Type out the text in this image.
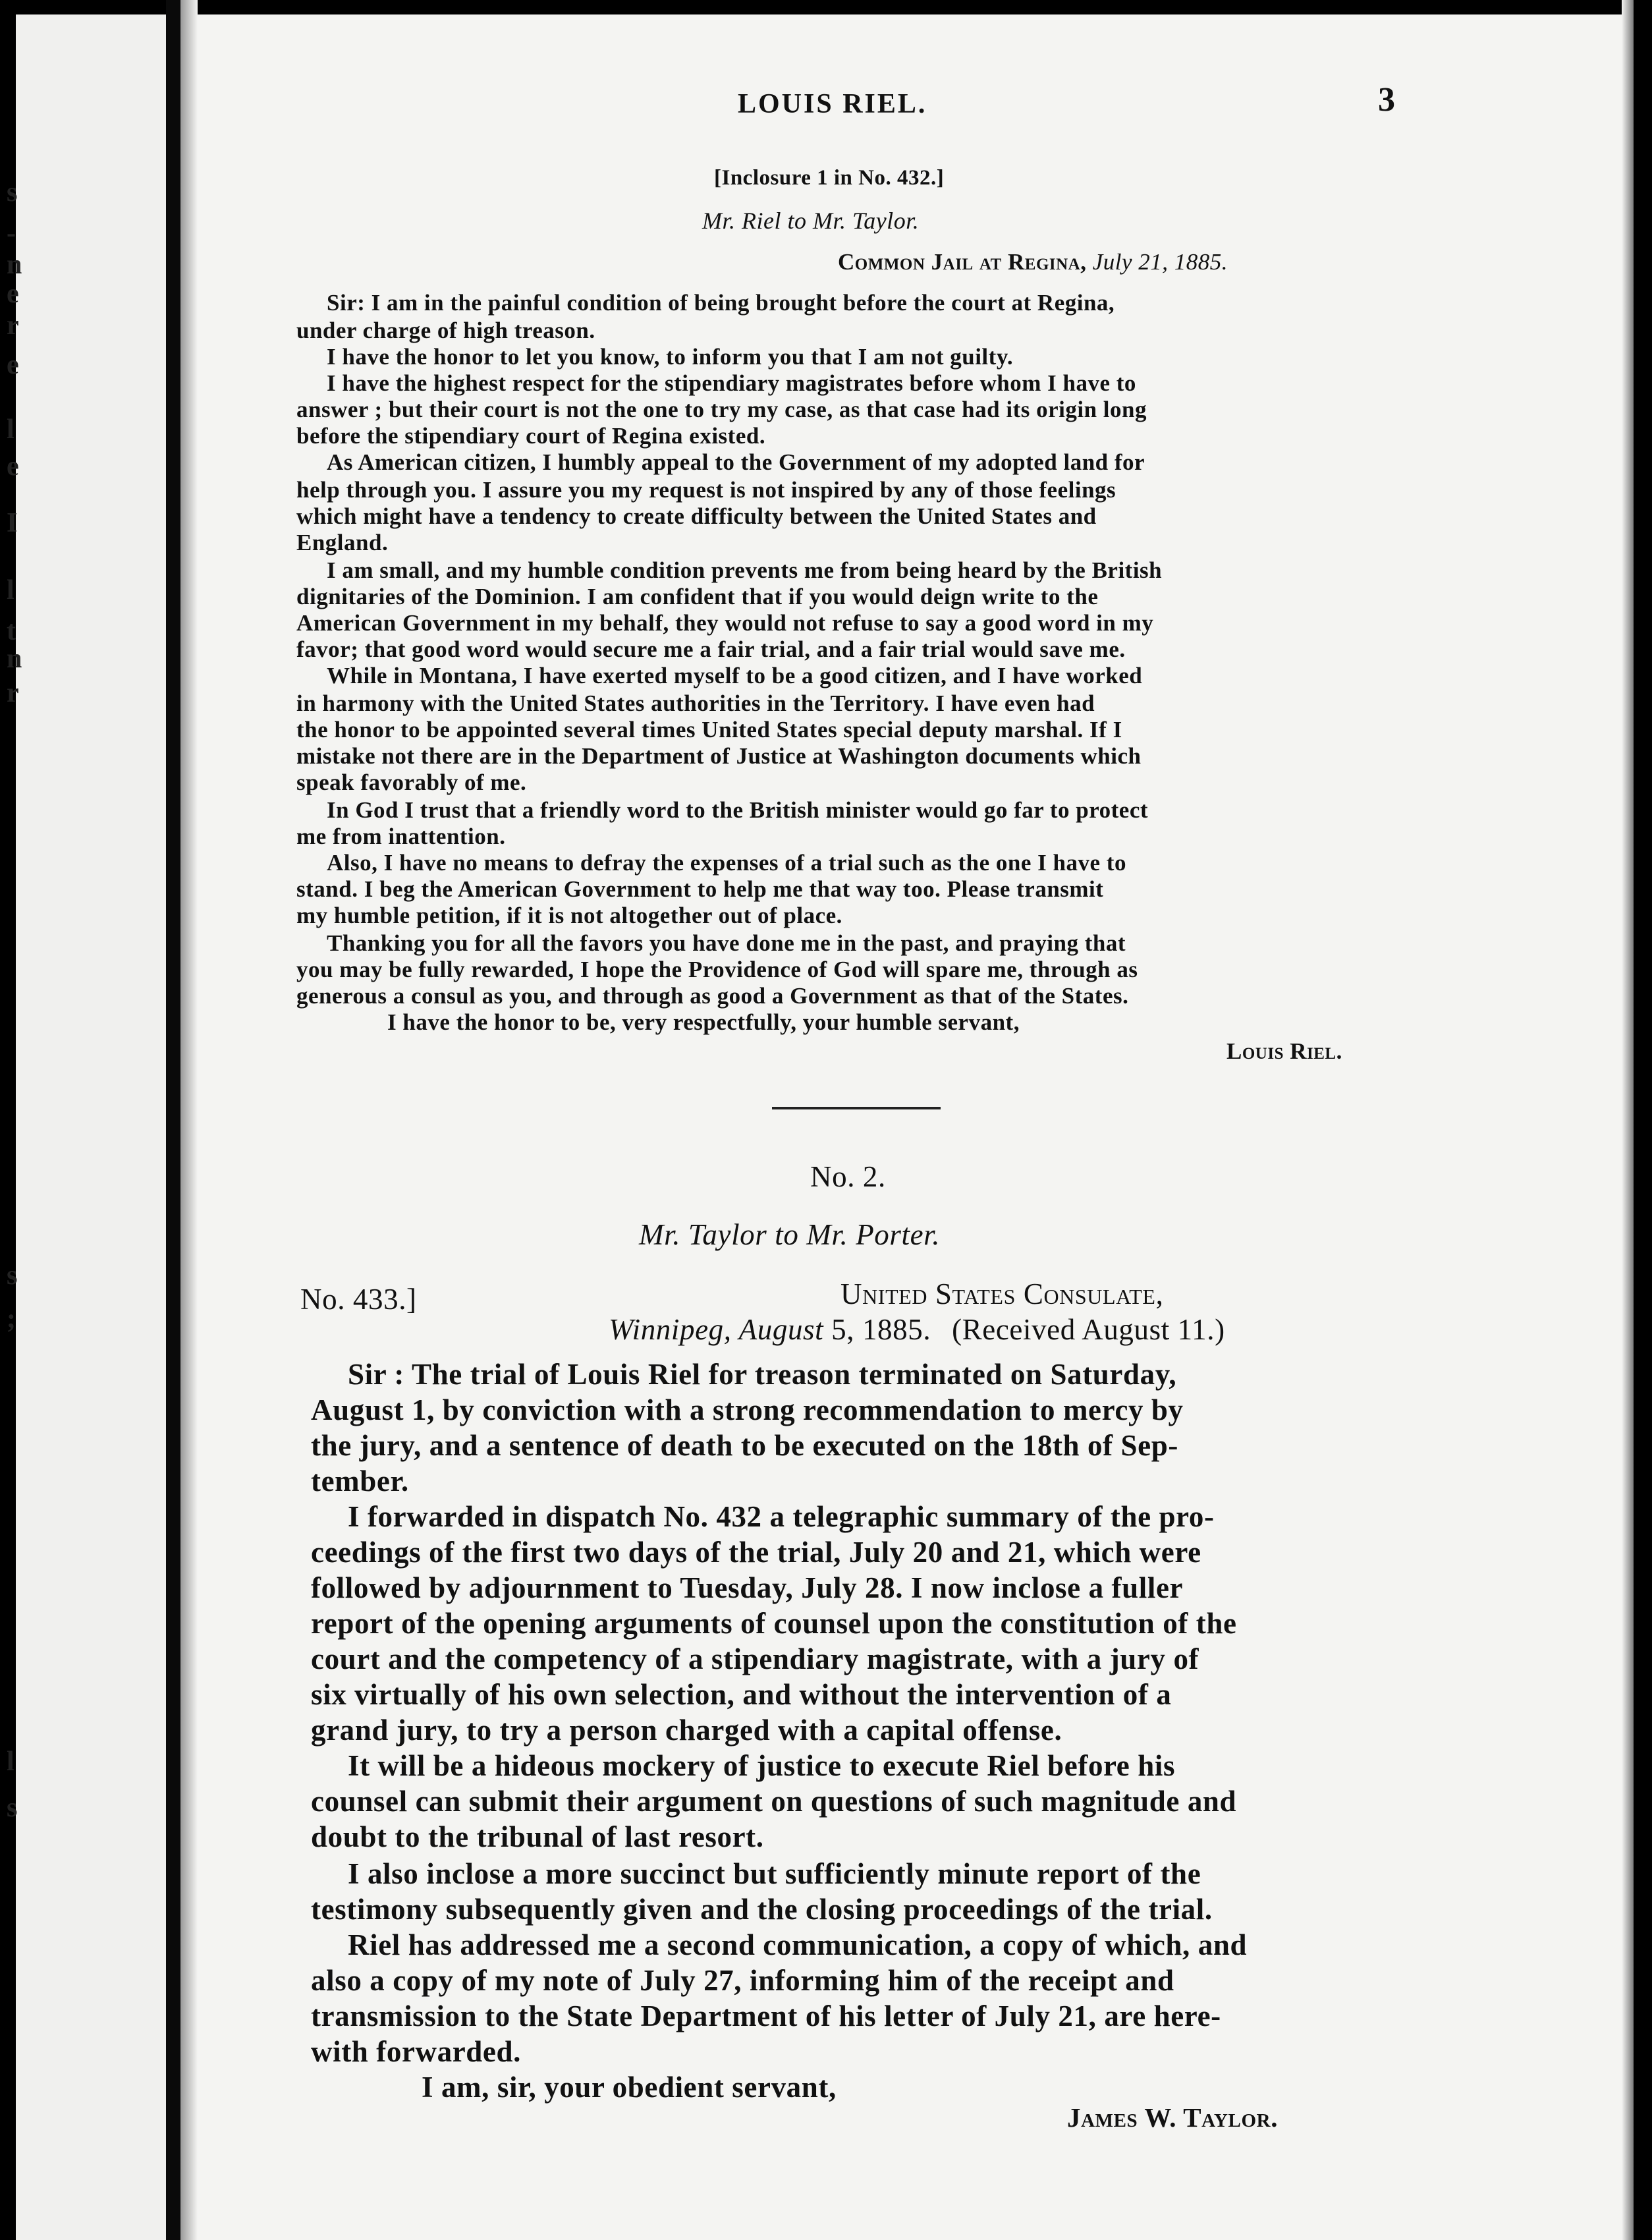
s
-
n
e
r
e
l
e
I
l
t
n
r
s
;
l
s
LOUIS RIEL.	3
[Inclosure 1 in No. 432.]
Mr. Riel to Mr. Taylor.
Common Jail at Regina, July 21, 1885.
Sir: I am in the painful condition of being brought before the court at Regina,
under charge of high treason.
I have the honor to let you know, to inform you that I am not guilty.
I have the highest respect for the stipendiary magistrates before whom I have to
answer ; but their court is not the one to try my case, as that case had its origin long
before the stipendiary court of Regina existed.
As American citizen, I humbly appeal to the Government of my adopted land for
help through you. I assure you my request is not inspired by any of those feelings
which might have a tendency to create difficulty between the United States and
England.
I am small, and my humble condition prevents me from being heard by the British
dignitaries of the Dominion. I am confident that if you would deign write to the
American Government in my behalf, they would not refuse to say a good word in my
favor; that good word would secure me a fair trial, and a fair trial would save me.
While in Montana, I have exerted myself to be a good citizen, and I have worked
in harmony with the United States authorities in the Territory. I have even had
the honor to be appointed several times United States special deputy marshal. If I
mistake not there are in the Department of Justice at Washington documents which
speak favorably of me.
In God I trust that a friendly word to the British minister would go far to protect
me from inattention.
Also, I have no means to defray the expenses of a trial such as the one I have to
stand. I beg the American Government to help me that way too. Please transmit
my humble petition, if it is not altogether out of place.
Thanking you for all the favors you have done me in the past, and praying that
you may be fully rewarded, I hope the Providence of God will spare me, through as
generous a consul as you, and through as good a Government as that of the States.
I have the honor to be, very respectfully, your humble servant,
Louis Riel.
No. 2.
Mr. Taylor to Mr. Porter.
No. 433.]	United States Consulate,
Winnipeg, August 5, 1885. (Received August 11.)
Sir : The trial of Louis Riel for treason terminated on Saturday,
August 1, by conviction with a strong recommendation to mercy by
the jury, and a sentence of death to be executed on the 18th of Sep-
tember.
I forwarded in dispatch No. 432 a telegraphic summary of the pro-
ceedings of the first two days of the trial, July 20 and 21, which were
followed by adjournment to Tuesday, July 28. I now inclose a fuller
report of the opening arguments of counsel upon the constitution of the
court and the competency of a stipendiary magistrate, with a jury of
six virtually of his own selection, and without the intervention of a
grand jury, to try a person charged with a capital offense.
It will be a hideous mockery of justice to execute Riel before his
counsel can submit their argument on questions of such magnitude and
doubt to the tribunal of last resort.
I also inclose a more succinct but sufficiently minute report of the
testimony subsequently given and the closing proceedings of the trial.
Riel has addressed me a second communication, a copy of which, and
also a copy of my note of July 27, informing him of the receipt and
transmission to the State Department of his letter of July 21, are here-
with forwarded.
I am, sir, your obedient servant,
James W. Taylor.
